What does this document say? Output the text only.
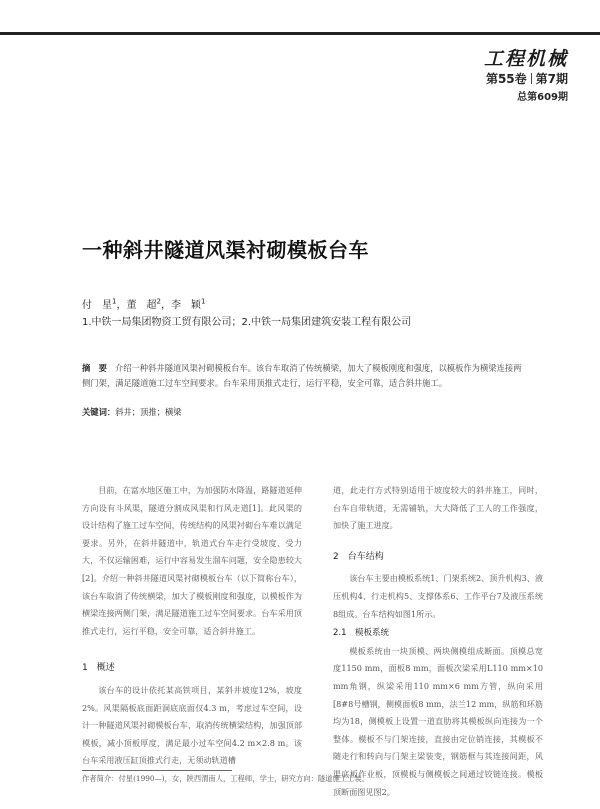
工程机械
第55卷 第7期
总第609期
一种斜井隧道风渠衬砌模板台车
付　星$^1$，董　超$^2$，李　颖$^1$
1.中铁一局集团物资工贸有限公司；2.中铁一局集团建筑安装工程有限公司
摘　要 介绍一种斜井隧道风渠衬砌模板台车。该台车取消了传统横梁，加大了模板刚度和强度，以模板作为横梁连接两侧门架，满足隧道施工过车空间要求。台车采用顶推式走行，运行平稳，安全可靠，适合斜井施工。
关键词：斜井；顶推；横梁

目前，在富水地区施工中，为加强防水降温，路隧道延伸方向设有斗风渠，隧道分割成风渠和行风走道[1]。此风渠的设计结构了施工过车空间，传统结构的风渠衬砌台车难以满足要求。另外，在斜井隧道中，轨道式台车走行受坡度、受力大，不仅运输困难，运行中容易发生溜车问题，安全隐患较大[2]。介绍一种斜井隧道风渠衬砌模板台车（以下简称台车），该台车取消了传统横梁，加大了模板刚度和强度，以模板作为横梁连接两侧门架，满足隧道施工过车空间要求。台车采用顶推式走行，运行平稳，安全可靠，适合斜井施工。

1　概述

该台车的设计依托某高铁项目，某斜井坡度12%，坡度2%。风渠隔板底面距洞底底面仅4.3 m，考虑过车空间，设计一种隧道风渠衬砌模板台车，取消传统横梁结构，加强顶部模板，减小顶板厚度，满足最小过车空间4.2 m×2.8 m。该台车采用液压缸顶推式行走，无须动轨道槽

道，此走行方式特别适用于坡度较大的斜井施工，同时，台车自带轨道，无需铺轨，大大降低了工人的工作强度，加快了施工进度。

2　台车结构

该台车主要由模板系统1、门架系统2、顶升机构3、液压机构4、行走机构5、支撑体系6、工作平台7及液压系统8组成。台车结构如图1所示。

2.1　模板系统

模板系统由一块顶模、两块侧模组成断面。顶模总宽度1150 mm，面板8 mm，面板次梁采用L110 mm×10 mm角钢，纵梁采用110 mm×6 mm方管，纵向采用[8#8号槽钢，侧模面板8 mm，法兰12 mm，纵筋和环筋均为18，侧模板上设置一道直肋将其模板纵向连接为一个整体。模板不与门架连接，直接由定位销连接，其模板不随走行和转向与门架主梁装变，钢筋框与其连接间距，风渠底板作业板，顶模板与侧模板之间通过铰链连接。模板顶断面图见图2。

作者简介：付星(1990—)，女，陕西渭南人，工程师，学士，研究方向：隧道施工工装。
